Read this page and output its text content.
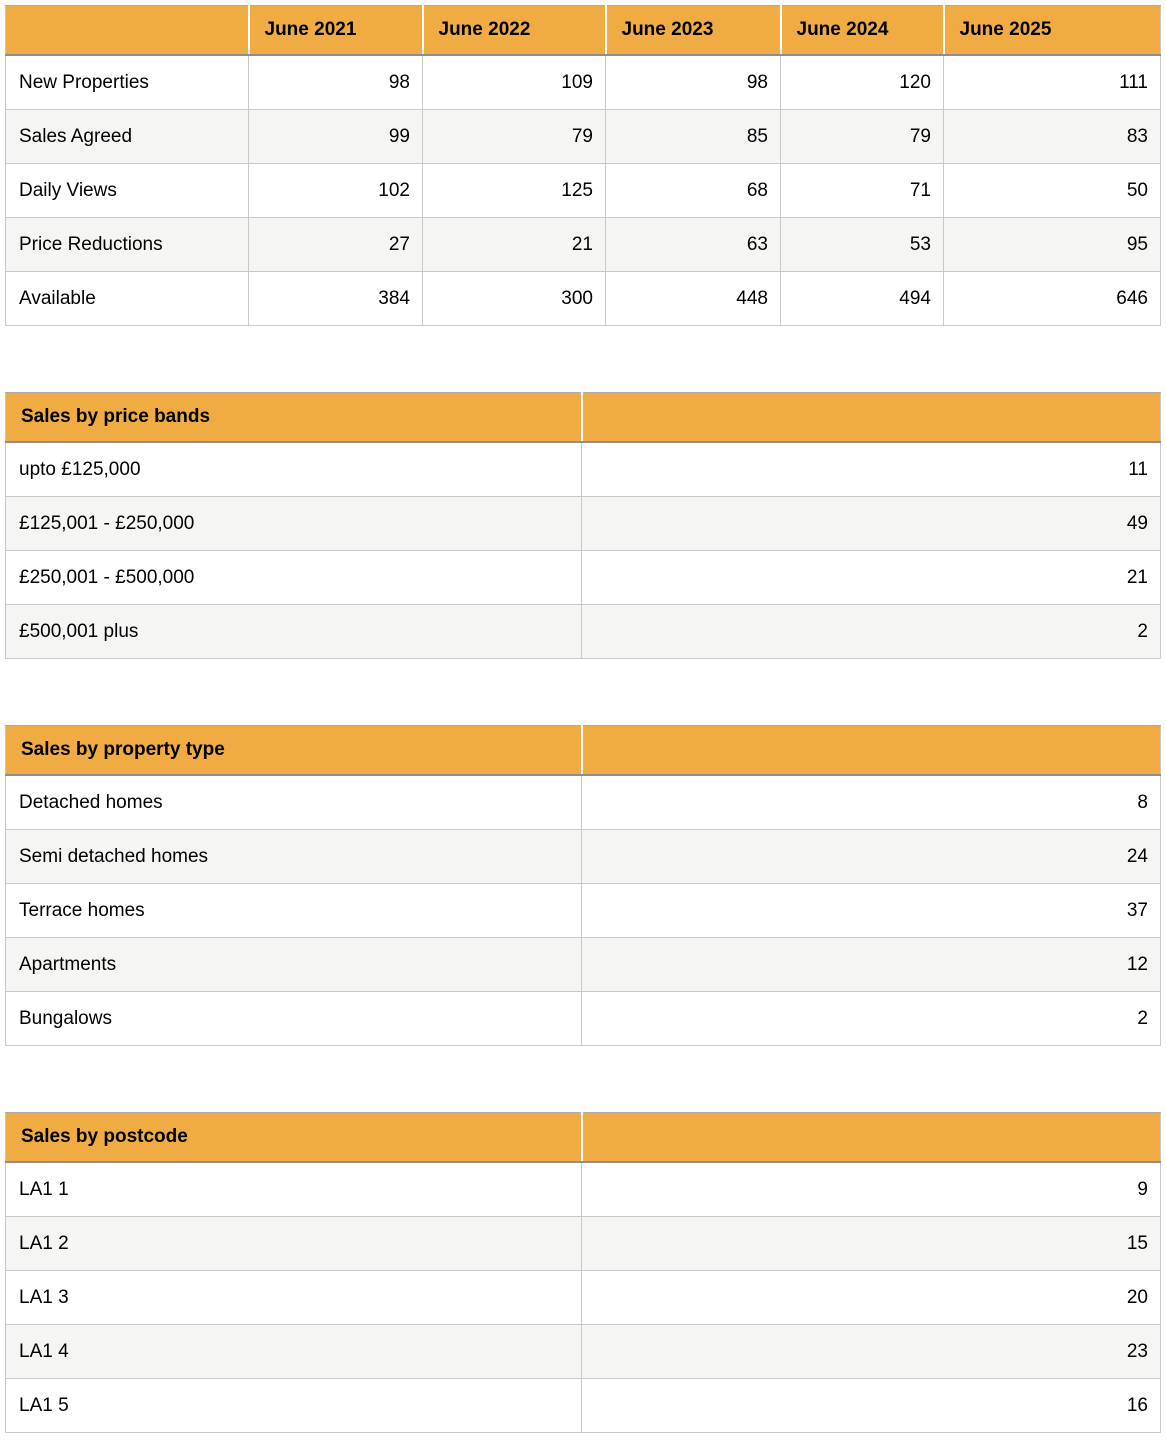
	June 2021	June 2022	June 2023	June 2024	June 2025
New Properties	98	109	98	120	111
Sales Agreed	99	79	85	79	83
Daily Views	102	125	68	71	50
Price Reductions	27	21	63	53	95
Available	384	300	448	494	646
Sales by price bands	
upto £125,000	11
£125,001 - £250,000	49
£250,001 - £500,000	21
£500,001 plus	2
Sales by property type	
Detached homes	8
Semi detached homes	24
Terrace homes	37
Apartments	12
Bungalows	2
Sales by postcode	
LA1 1	9
LA1 2	15
LA1 3	20
LA1 4	23
LA1 5	16
